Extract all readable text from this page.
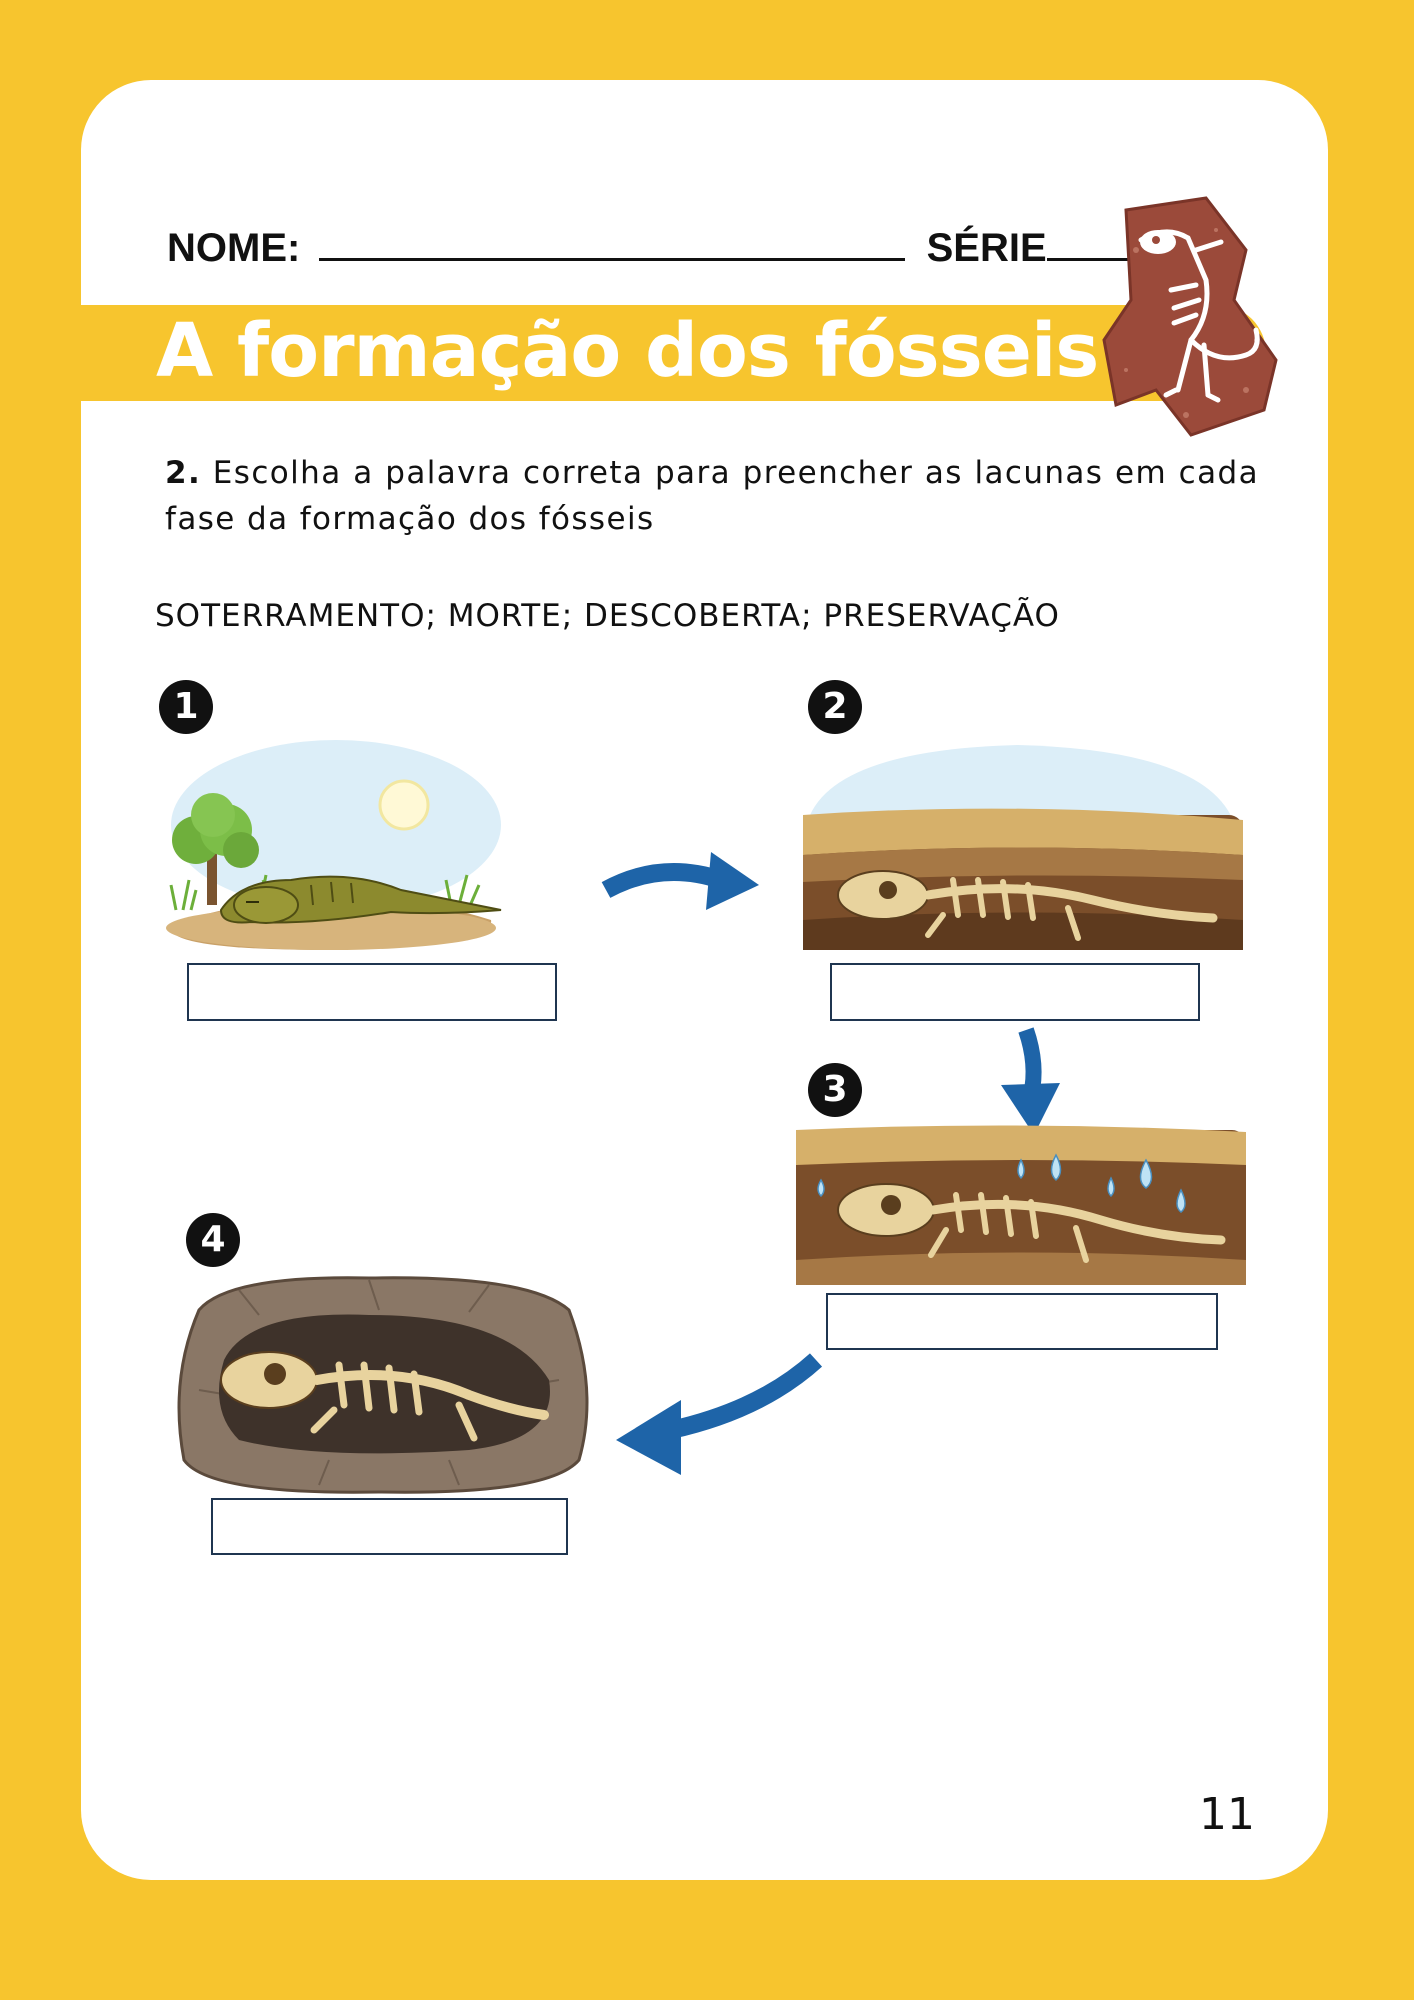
NOME:	SÉRIE
A formação dos fósseis

2. Escolha a palavra correta para preencher as lacunas em cada fase da formação dos fósseis

SOTERRAMENTO; MORTE; DESCOBERTA; PRESERVAÇÃO
1	2
3
4
11
